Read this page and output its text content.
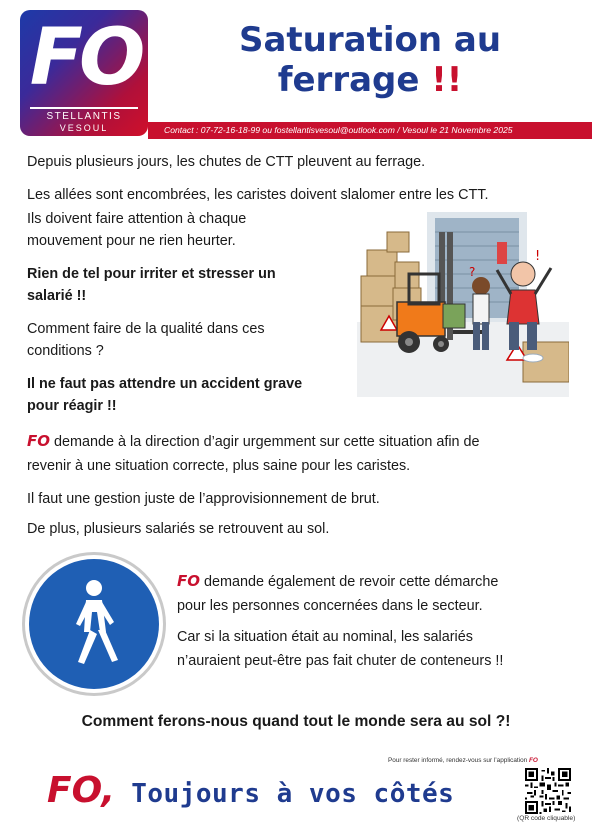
FO
STELLANTIS
VESOUL
Saturation au
ferrage !!
Contact : 07-72-16-18-99 ou fostellantisvesoul@outlook.com / Vesoul le 21 Novembre 2025
Depuis plusieurs jours, les chutes de CTT pleuvent au ferrage.
Les allées sont encombrées, les caristes doivent slalomer entre les CTT.
Ils doivent faire attention à chaque
mouvement pour ne rien heurter.
Rien de tel pour irriter et stresser un
salarié !!
Comment faire de la qualité dans ces
conditions ?
Il ne faut pas attendre un accident grave
pour réagir !!
FO demande à la direction d’agir urgemment sur cette situation afin de
revenir à une situation correcte, plus saine pour les caristes.
Il faut une gestion juste de l’approvisionnement de brut.
De plus, plusieurs salariés se retrouvent au sol.
?
!
FO demande également de revoir cette démarche
pour les personnes concernées dans le secteur.
Car si la situation était au nominal, les salariés
n’auraient peut-être pas fait chuter de conteneurs !!
Comment ferons-nous quand tout le monde sera au sol ?!
Pour rester informé, rendez-vous sur l’application FO
FO, Toujours à vos côtés
(QR code cliquable)
